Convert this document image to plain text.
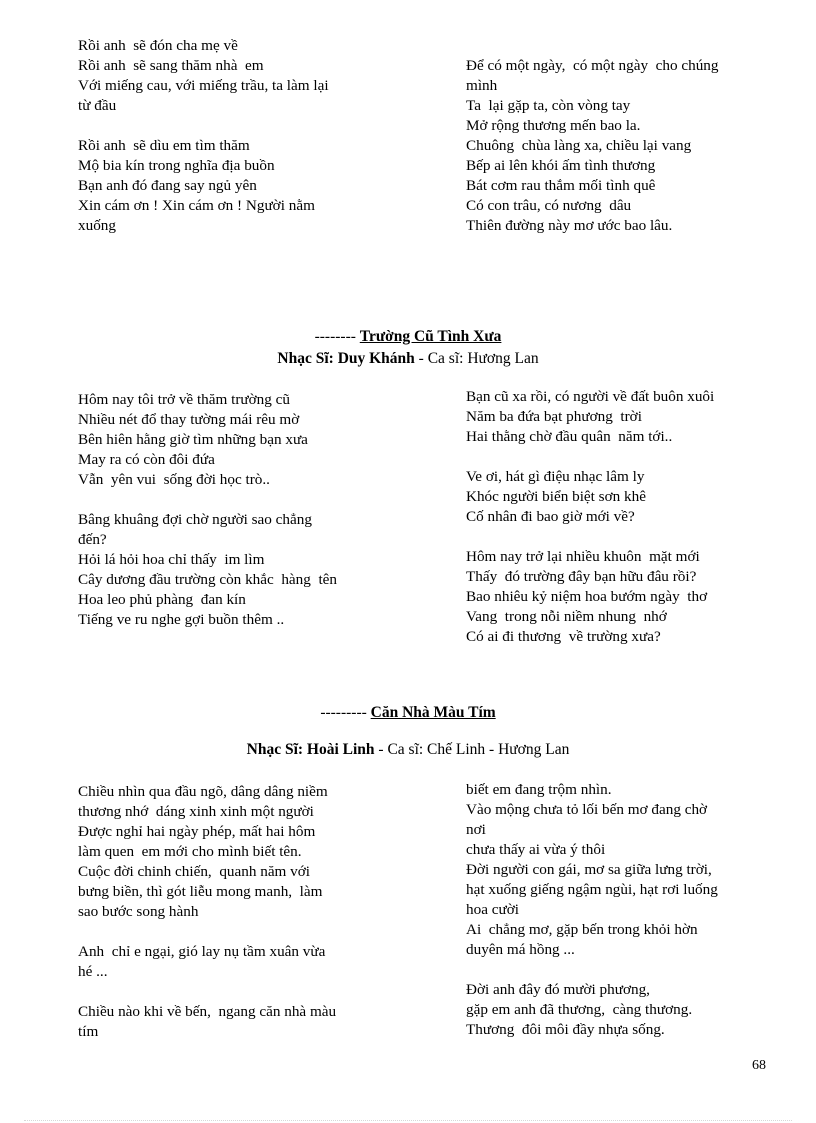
Rồi anh  sẽ đón cha mẹ về
Rồi anh  sẽ sang thăm nhà  em
Với miếng cau, với miếng trầu, ta làm lại
từ đầu
Rồi anh  sẽ dìu em tìm thăm
Mộ bia kín trong nghĩa địa buồn
Bạn anh đó đang say ngủ yên
Xin cám ơn ! Xin cám ơn ! Người nằm
xuống
Để có một ngày,  có một ngày  cho chúng
mình
Ta  lại gặp ta, còn vòng tay
Mở rộng thương mến bao la.
Chuông  chùa làng xa, chiều lại vang
Bếp ai lên khói ấm tình thương
Bát cơm rau thắm mối tình quê
Có con trâu, có nương  dâu
Thiên đường này mơ ước bao lâu.
-------- Trường Cũ Tình Xưa
Nhạc Sĩ: Duy Khánh - Ca sĩ: Hương Lan
Hôm nay tôi trở về thăm trường cũ
Nhiều nét đổ thay tường mái rêu mờ
Bên hiên hằng giờ tìm những bạn xưa
May ra có còn đôi đứa
Vẫn  yên vui  sống đời học trò..
Bâng khuâng đợi chờ người sao chẳng
đến?
Hỏi lá hỏi hoa chỉ thấy  im lìm
Cây dương đầu trường còn khắc  hàng  tên
Hoa leo phủ phàng  đan kín
Tiếng ve ru nghe gợi buồn thêm ..
Bạn cũ xa rồi, có người về đất buôn xuôi
Năm ba đứa bạt phương  trời
Hai thằng chờ đầu quân  năm tới..
Ve ơi, hát gì điệu nhạc lâm ly
Khóc người biển biệt sơn khê
Cố nhân đi bao giờ mới về?
Hôm nay trở lại nhiều khuôn  mặt mới
Thấy  đó trường đây bạn hữu đâu rồi?
Bao nhiêu kỷ niệm hoa bướm ngày  thơ
Vang  trong nỗi niềm nhung  nhớ
Có ai đi thương  về trường xưa?
--------- Căn Nhà Màu Tím
Nhạc Sĩ: Hoài Linh - Ca sĩ: Chế Linh - Hương Lan
Chiều nhìn qua đầu ngõ, dâng dâng niềm
thương nhớ  dáng xinh xinh một người
Được nghỉ hai ngày phép, mất hai hôm
làm quen  em mới cho mình biết tên.
Cuộc đời chinh chiến,  quanh năm với
bưng biền, thì gót liễu mong manh,  làm
sao bước song hành
Anh  chỉ e ngại, gió lay nụ tầm xuân vừa
hé ...
Chiều nào khi về bến,  ngang căn nhà màu
tím
biết em đang trộm nhìn.
Vào mộng chưa tỏ lối bến mơ đang chờ
nơi
chưa thấy ai vừa ý thôi
Đời người con gái, mơ sa giữa lưng trời,
hạt xuống giếng ngậm ngùi, hạt rơi luống
hoa cười
Ai  chẳng mơ, gặp bến trong khỏi hờn
duyên má hồng ...
Đời anh đây đó mười phương,
gặp em anh đã thương,  càng thương.
Thương  đôi môi đầy nhựa sống.
68
